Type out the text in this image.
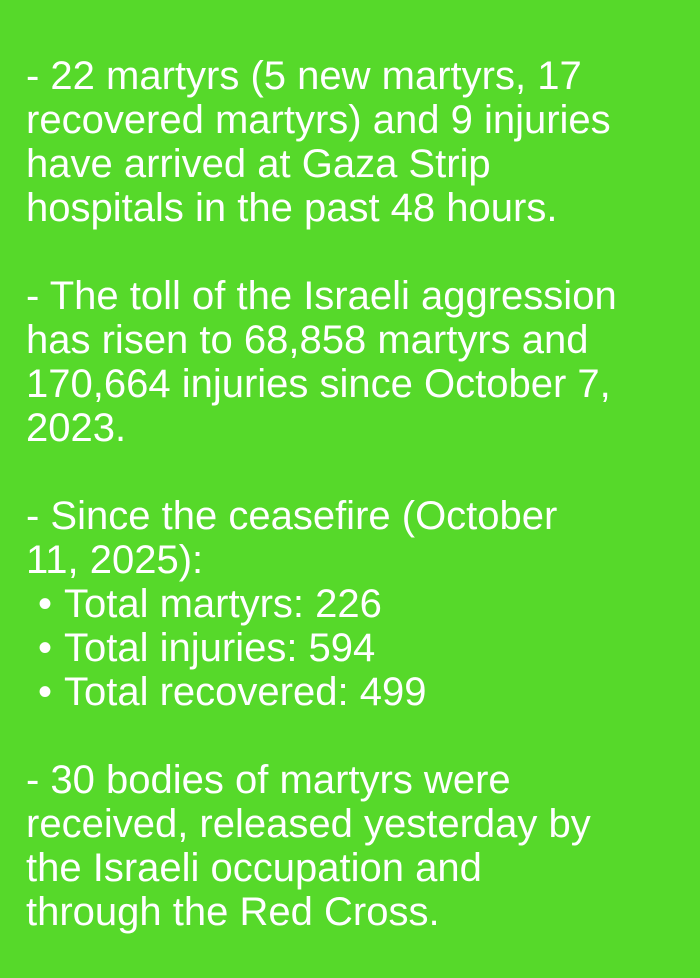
- 22 martyrs (5 new martyrs, 17
recovered martyrs) and 9 injuries
have arrived at Gaza Strip
hospitals in the past 48 hours.
- The toll of the Israeli aggression
has risen to 68,858 martyrs and
170,664 injuries since October 7,
2023.
- Since the ceasefire (October
11, 2025):
• Total martyrs: 226
• Total injuries: 594
• Total recovered: 499
- 30 bodies of martyrs were
received, released yesterday by
the Israeli occupation and
through the Red Cross.
